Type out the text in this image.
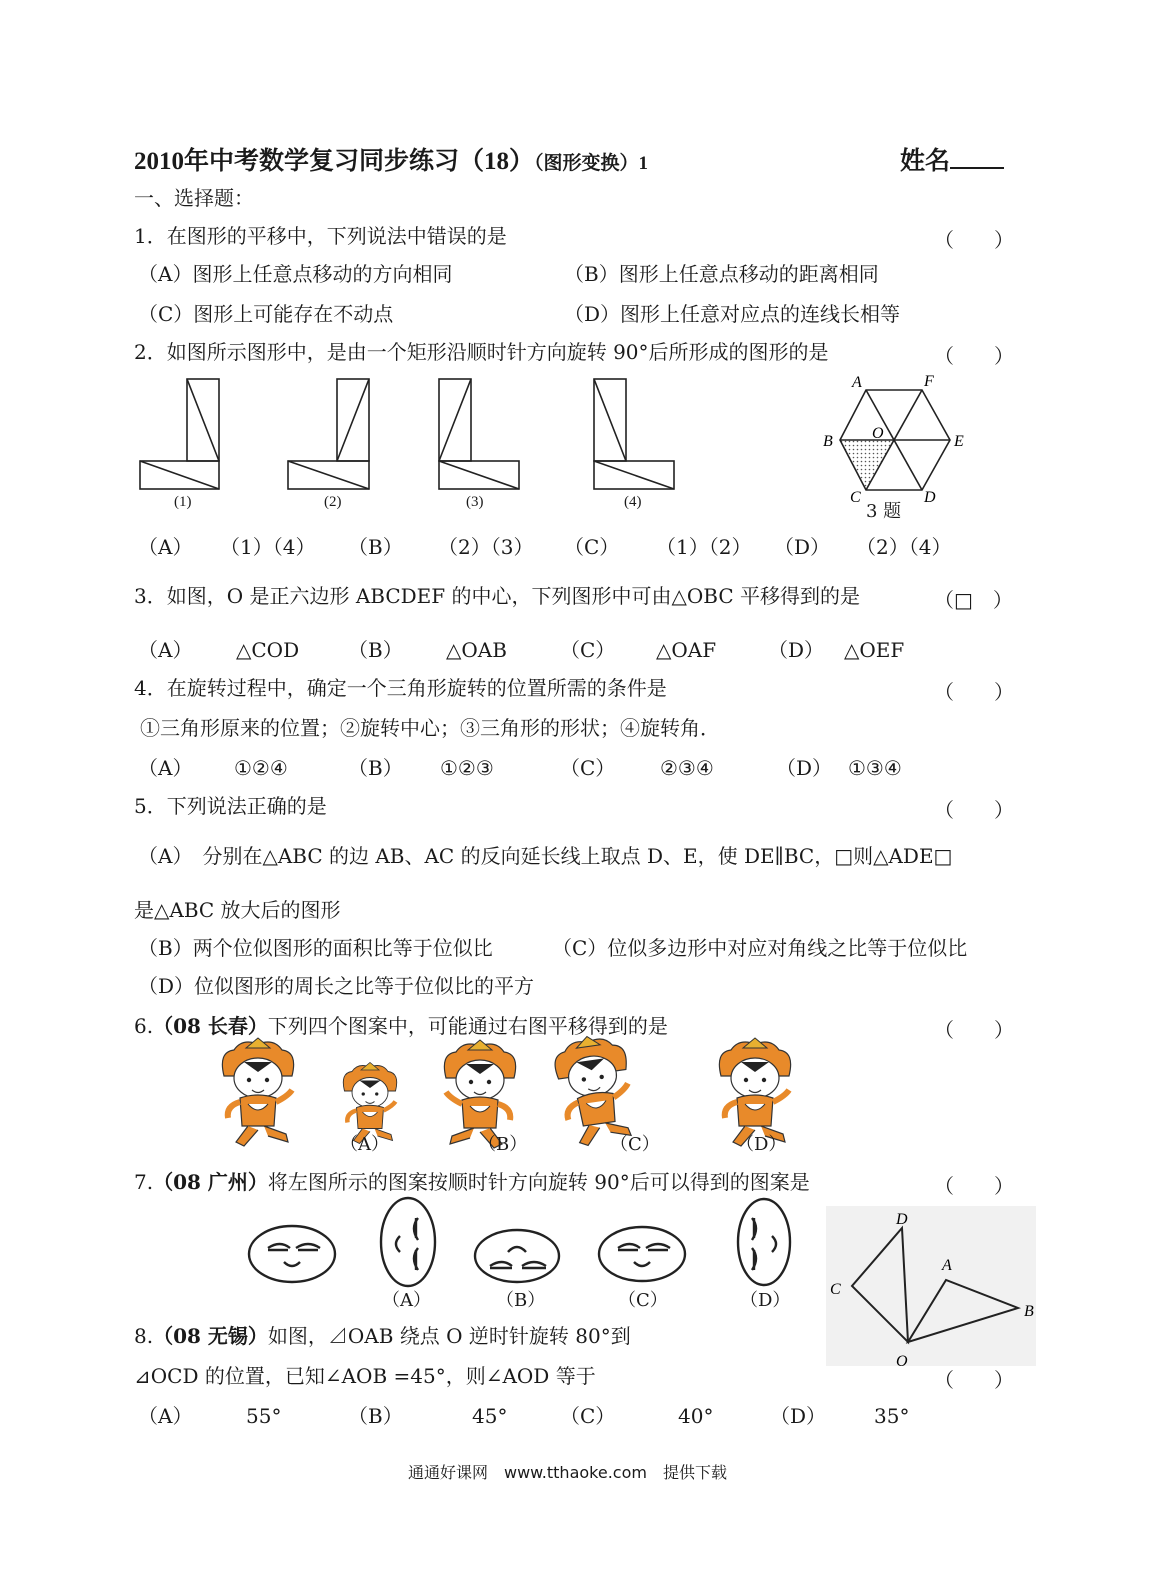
2010年中考数学复习同步练习（18）（图形变换）1	姓名
一、选择题：
1．在图形的平移中，下列说法中错误的是	（　　）
（A）图形上任意点移动的方向相同	（B）图形上任意点移动的距离相同
（C）图形上可能存在不动点	（D）图形上任意对应点的连线长相等
2．如图所示图形中，是由一个矩形沿顺时针方向旋转 90°后所形成的图形的是	（　　）
(1)	(2)	(3)	(4)
A	F
B O	E
C	D
3 题
（A） （1）（4） （B） （2）（3） （C） （1）（2） （D） （2）（4）
3．如图，O 是正六边形 ABCDEF 的中心，下列图形中可由△OBC 平移得到的是	（□　）
（A） △COD （B） △OAB	（C） △OAF	（D） △OEF
4．在旋转过程中，确定一个三角形旋转的位置所需的条件是	（　　）
①三角形原来的位置；②旋转中心；③三角形的形状；④旋转角．
（A） ①②④	（B） ①②③	（C） ②③④	（D） ①③④
5．下列说法正确的是	（　　）
（A）　分别在△ABC 的边 AB、AC 的反向延长线上取点 D、E，使 DE∥BC，□则△ADE□
是△ABC 放大后的图形
（B）两个位似图形的面积比等于位似比	（C）位似多边形中对应对角线之比等于位似比
（D）位似图形的周长之比等于位似比的平方
6.（08 长春）下列四个图案中，可能通过右图平移得到的是	（　　）
（A）	（B）	（C）	（D）
7.（08 广州）将左图所示的图案按顺时针方向旋转 90°后可以得到的图案是	（　　）
（A）	（B）	（C）	（D）
D
A
C
B
O
8.（08 无锡）如图，⊿OAB 绕点 O 逆时针旋转 80°到
⊿OCD 的位置，已知∠AOB =45°，则∠AOD 等于	（　　）
（A）	55°	（B）	45°	（C）	40°	（D） 35°
通通好课网　www.tthaoke.com　提供下载
